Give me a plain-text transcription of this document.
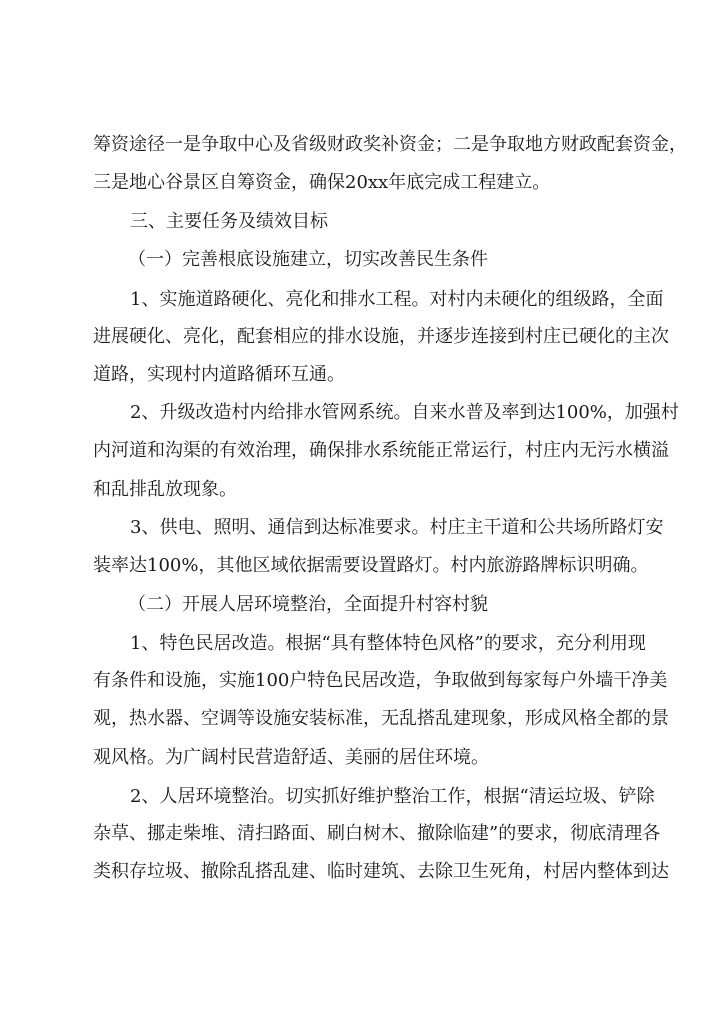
筹资途径一是争取中心及省级财政奖补资金；二是争取地方财政配套资金，
三是地心谷景区自筹资金，确保20xx年底完成工程建立。
三、主要任务及绩效目标
（一）完善根底设施建立，切实改善民生条件
1、实施道路硬化、亮化和排水工程。对村内未硬化的组级路，全面
进展硬化、亮化，配套相应的排水设施，并逐步连接到村庄已硬化的主次
道路，实现村内道路循环互通。
2、升级改造村内给排水管网系统。自来水普及率到达100%，加强村
内河道和沟渠的有效治理，确保排水系统能正常运行，村庄内无污水横溢
和乱排乱放现象。
3、供电、照明、通信到达标准要求。村庄主干道和公共场所路灯安
装率达100%，其他区域依据需要设置路灯。村内旅游路牌标识明确。
（二）开展人居环境整治，全面提升村容村貌
1、特色民居改造。根据“具有整体特色风格”的要求，充分利用现
有条件和设施，实施100户特色民居改造，争取做到每家每户外墙干净美
观，热水器、空调等设施安装标准，无乱搭乱建现象，形成风格全都的景
观风格。为广阔村民营造舒适、美丽的居住环境。
2、人居环境整治。切实抓好维护整治工作，根据“清运垃圾、铲除
杂草、挪走柴堆、清扫路面、刷白树木、撤除临建”的要求，彻底清理各
类积存垃圾、撤除乱搭乱建、临时建筑、去除卫生死角，村居内整体到达
